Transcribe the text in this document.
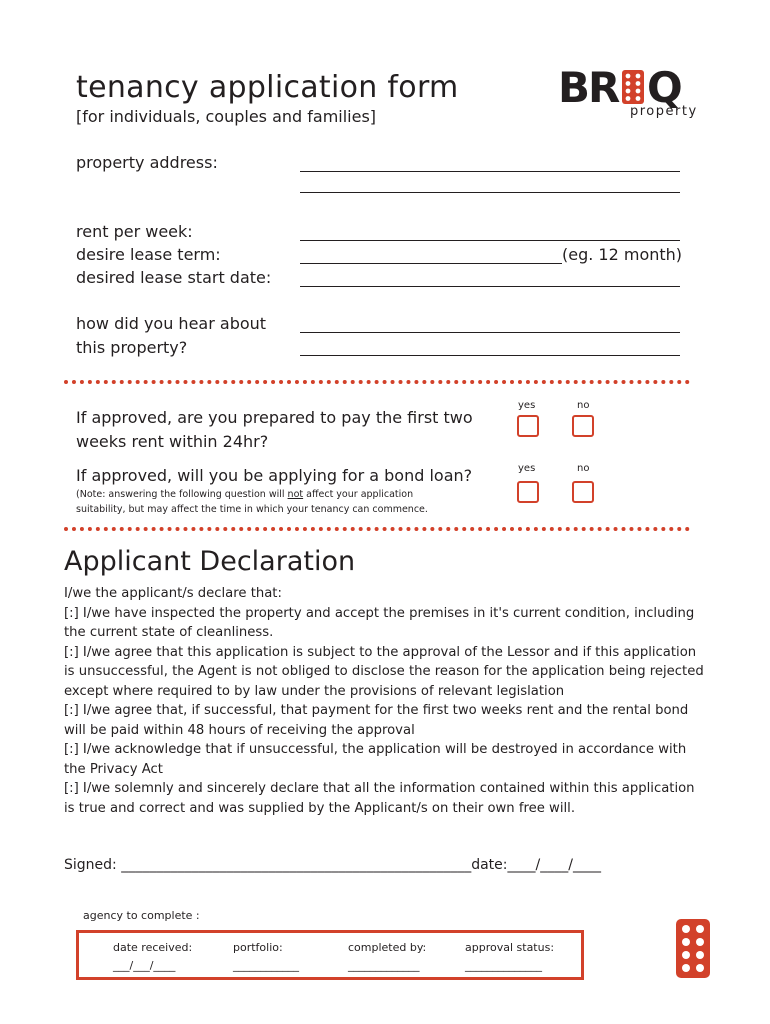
tenancy application form
[for individuals, couples and families]
B
R Q
property
property address:
rent per week:
desire lease term:	(eg. 12 month)
desired lease start date:
how did you hear about
this property?
If approved, are you prepared to pay the first two
weeks rent within 24hr?
yes	no
If approved, will you be applying for a bond loan?	yes	no
(Note: answering the following question will not affect your application
suitability, but may affect the time in which your tenancy can commence.
Applicant Declaration

I/we the applicant/s declare that:

[:] I/we have inspected the property and accept the premises in it's current condition, including the current state of cleanliness.

[:] I/we agree that this application is subject to the approval of the Lessor and if this application is unsuccessful, the Agent is not obliged to disclose the reason for the application being rejected except where required to by law under the provisions of relevant legislation

[:] I/we agree that, if successful, that payment for the first two weeks rent and the rental bond will be paid within 48 hours of receiving the approval

[:] I/we acknowledge that if unsuccessful, the application will be destroyed in accordance with the Privacy Act

[:] I/we solemnly and sincerely declare that all the information contained within this application is true and correct and was supplied by the Applicant/s on their own free will.

Signed: __________________________________________________date:____/____/____
agency to complete :
date received:
___/___/____
portfolio:
____________
completed by:
_____________
approval status:
______________
